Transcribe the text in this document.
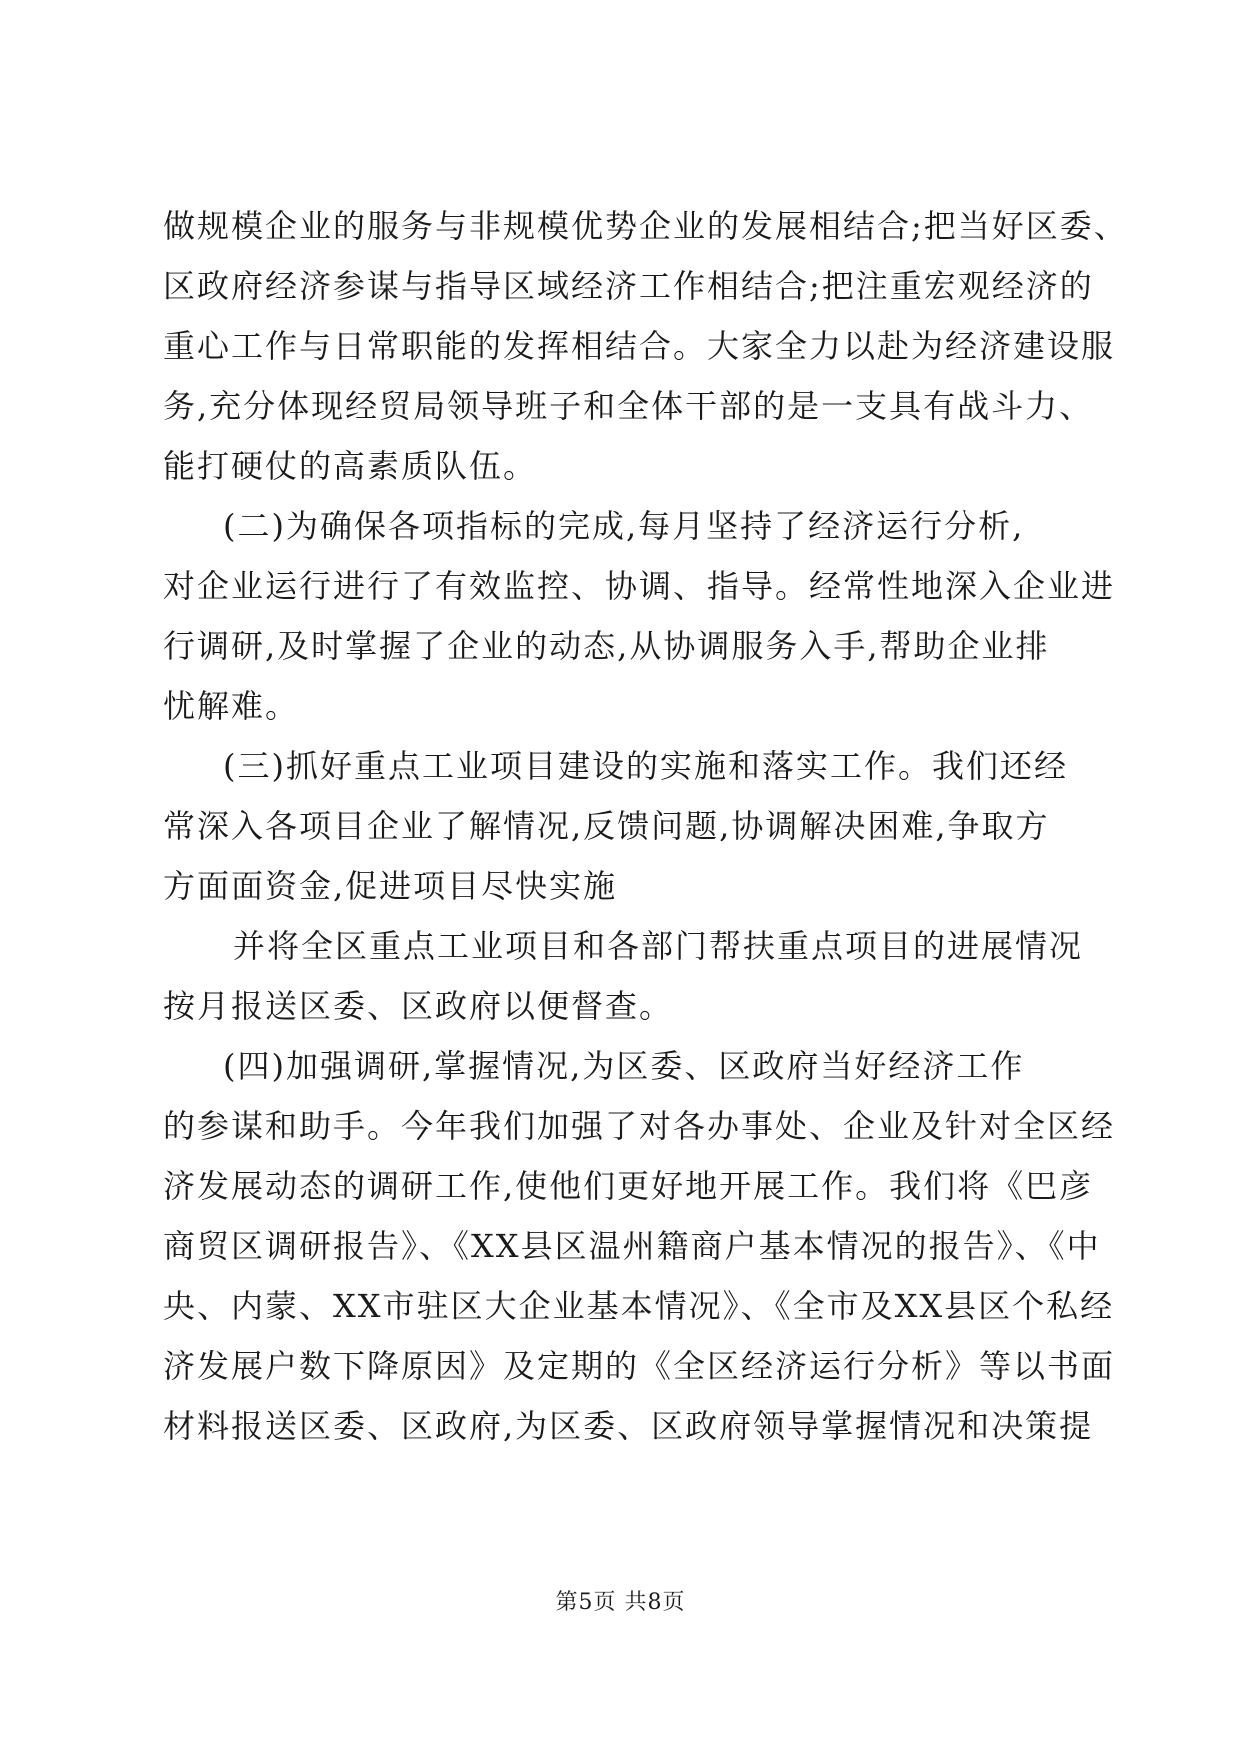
做规模企业的服务与非规模优势企业的发展相结合;把当好区委、
区政府经济参谋与指导区域经济工作相结合;把注重宏观经济的
重心工作与日常职能的发挥相结合。大家全力以赴为经济建设服
务,充分体现经贸局领导班子和全体干部的是一支具有战斗力、
能打硬仗的高素质队伍。
(二)为确保各项指标的完成,每月坚持了经济运行分析,
对企业运行进行了有效监控、协调、指导。经常性地深入企业进
行调研,及时掌握了企业的动态,从协调服务入手,帮助企业排
忧解难。
(三)抓好重点工业项目建设的实施和落实工作。我们还经
常深入各项目企业了解情况,反馈问题,协调解决困难,争取方
方面面资金,促进项目尽快实施
并将全区重点工业项目和各部门帮扶重点项目的进展情况
按月报送区委、区政府以便督查。
(四)加强调研,掌握情况,为区委、区政府当好经济工作
的参谋和助手。今年我们加强了对各办事处、企业及针对全区经
济发展动态的调研工作,使他们更好地开展工作。我们将《巴彦
商贸区调研报告》、《XX县区温州籍商户基本情况的报告》、《中
央、内蒙、XX市驻区大企业基本情况》、《全市及XX县区个私经
济发展户数下降原因》及定期的《全区经济运行分析》等以书面
材料报送区委、区政府,为区委、区政府领导掌握情况和决策提
第5页 共8页
